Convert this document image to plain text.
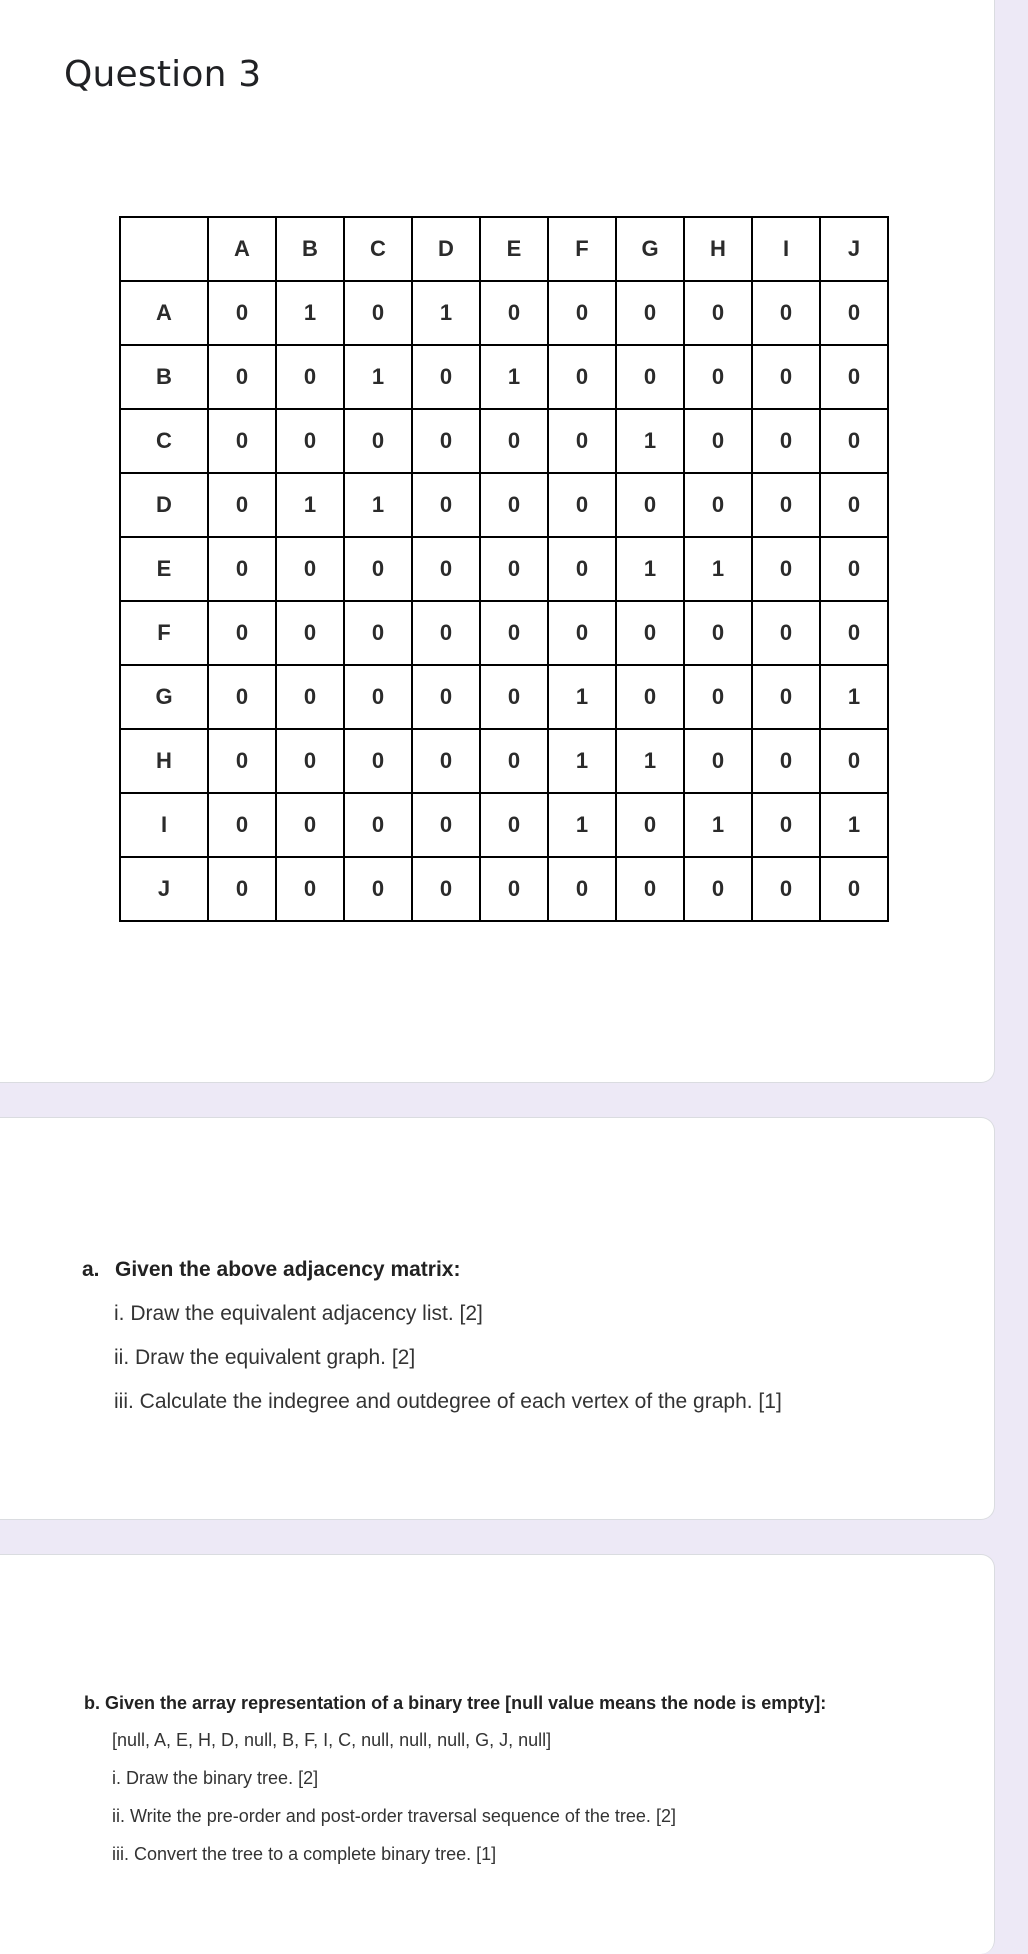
Question 3
	A	B	C	D	E	F	G	H	I	J
A	0	1	0	1	0	0	0	0	0	0
B	0	0	1	0	1	0	0	0	0	0
C	0	0	0	0	0	0	1	0	0	0
D	0	1	1	0	0	0	0	0	0	0
E	0	0	0	0	0	0	1	1	0	0
F	0	0	0	0	0	0	0	0	0	0
G	0	0	0	0	0	1	0	0	0	1
H	0	0	0	0	0	1	1	0	0	0
I	0	0	0	0	0	1	0	1	0	1
J	0	0	0	0	0	0	0	0	0	0
a. Given the above adjacency matrix:
i. Draw the equivalent adjacency list. [2]
ii. Draw the equivalent graph. [2]
iii. Calculate the indegree and outdegree of each vertex of the graph. [1]
b. Given the array representation of a binary tree [null value means the node is empty]:
[null, A, E, H, D, null, B, F, I, C, null, null, null, G, J, null]
i. Draw the binary tree. [2]
ii. Write the pre-order and post-order traversal sequence of the tree. [2]
iii. Convert the tree to a complete binary tree. [1]
